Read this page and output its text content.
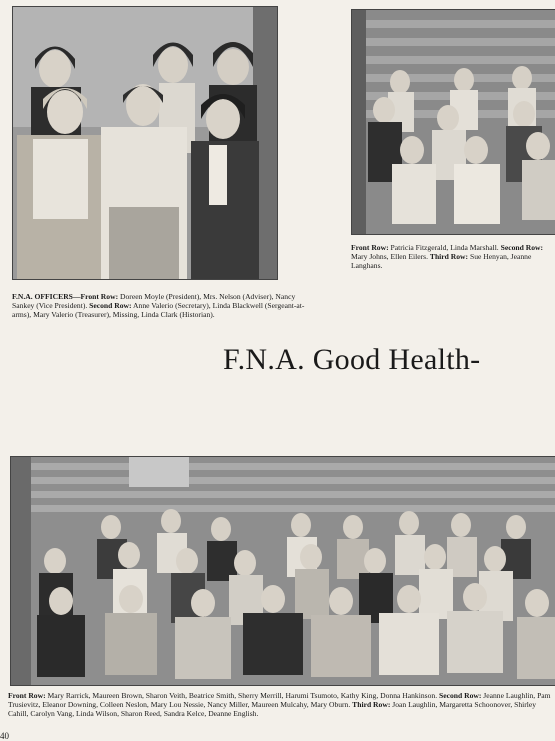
F.N.A. OFFICERS—Front Row: Doreen Moyle (President), Mrs. Nelson (Adviser), Nancy Sankey (Vice President). Second Row: Anne Valerio (Secretary), Linda Blackwell (Sergeant-at-arms), Mary Valerio (Treasurer), Missing, Linda Clark (Historian).
Front Row: Patricia Fitzgerald, Linda Marshall. Second Row: Mary Johns, Ellen Eilers. Third Row: Sue Henyan, Jeanne Langhans.
F.N.A. Good Health-
Front Row: Mary Rarrick, Maureen Brown, Sharon Veith, Beatrice Smith, Sherry Merrill, Harumi Tsumoto, Kathy King, Donna Hankinson. Second Row: Jeanne Laughlin, Pam Trusievitz, Eleanor Downing, Colleen Neslon, Mary Lou Nessie, Nancy Miller, Maureen Mulcahy, Mary Oburn. Third Row: Joan Laughlin, Margaretta Schoonover, Shirley Cahill, Carolyn Vang, Linda Wilson, Sharon Reed, Sandra Kelce, Deanne English.
40
